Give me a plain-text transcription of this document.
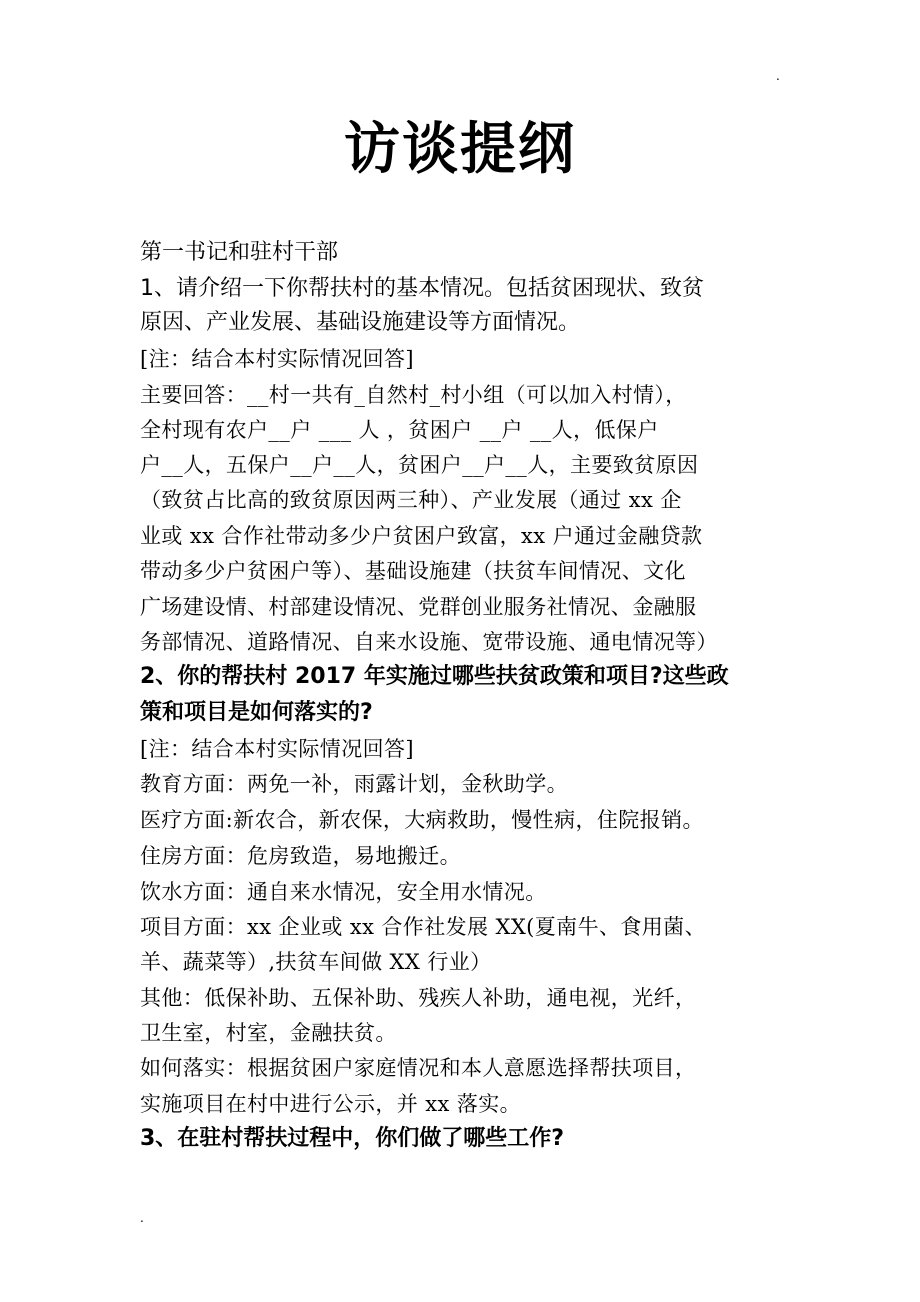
.
访谈提纲
第一书记和驻村干部
1、请介绍一下你帮扶村的基本情况。包括贫困现状、致贫
原因、产业发展、基础设施建设等方面情况。
[注：结合本村实际情况回答]
主要回答：__村一共有_自然村_村小组（可以加入村情），
全村现有农户__户 ___ 人 ，贫困户 __户 __人，低保户
户__人，五保户__户__人，贫困户__户__人，主要致贫原因
（致贫占比高的致贫原因两三种）、产业发展（通过 xx 企
业或 xx 合作社带动多少户贫困户致富，xx 户通过金融贷款
带动多少户贫困户等）、基础设施建（扶贫车间情况、文化
广场建设情、村部建设情况、党群创业服务社情况、金融服
务部情况、道路情况、自来水设施、宽带设施、通电情况等）
2、你的帮扶村 2017 年实施过哪些扶贫政策和项目?这些政
策和项目是如何落实的?
[注：结合本村实际情况回答]
教育方面：两免一补，雨露计划，金秋助学。
医疗方面:新农合，新农保，大病救助，慢性病，住院报销。
住房方面：危房致造，易地搬迁。
饮水方面：通自来水情况，安全用水情况。
项目方面：xx 企业或 xx 合作社发展 XX(夏南牛、食用菌、
羊、蔬菜等）,扶贫车间做 XX 行业）
其他：低保补助、五保补助、残疾人补助，通电视，光纤，
卫生室，村室，金融扶贫。
如何落实：根据贫困户家庭情况和本人意愿选择帮扶项目，
实施项目在村中进行公示，并 xx 落实。
3、在驻村帮扶过程中，你们做了哪些工作?
.
